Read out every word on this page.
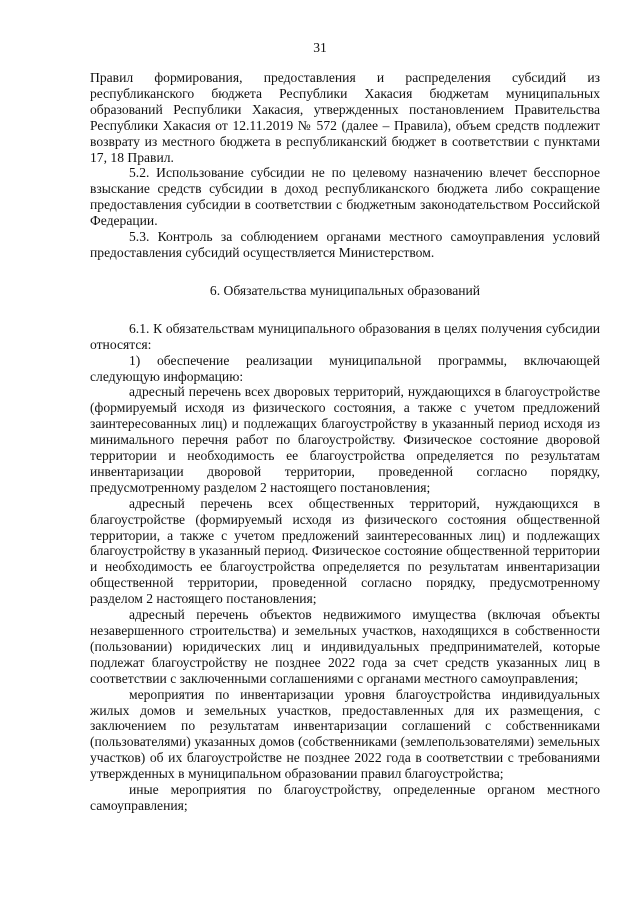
31

Правил формирования, предоставления и распределения субсидий из республиканского бюджета Республики Хакасия бюджетам муниципальных образований Республики Хакасия, утвержденных постановлением Правительства Республики Хакасия от 12.11.2019 № 572 (далее – Правила), объем средств подлежит возврату из местного бюджета в республиканский бюджет в соответствии с пунктами 17, 18 Правил.

5.2. Использование субсидии не по целевому назначению влечет бесспорное взыскание средств субсидии в доход республиканского бюджета либо сокращение предоставления субсидии в соответствии с бюджетным законодательством Российской Федерации.

5.3. Контроль за соблюдением органами местного самоуправления условий предоставления субсидий осуществляется Министерством.

6. Обязательства муниципальных образований

6.1. К обязательствам муниципального образования в целях получения субсидии относятся:

1) обеспечение реализации муниципальной программы, включающей следующую информацию:

адресный перечень всех дворовых территорий, нуждающихся в благоустройстве (формируемый исходя из физического состояния, а также с учетом предложений заинтересованных лиц) и подлежащих благоустройству в указанный период исходя из минимального перечня работ по благоустройству. Физическое состояние дворовой территории и необходимость ее благоустройства определяется по результатам инвентаризации дворовой территории, проведенной согласно порядку, предусмотренному разделом 2 настоящего постановления;

адресный перечень всех общественных территорий, нуждающихся в благоустройстве (формируемый исходя из физического состояния общественной территории, а также с учетом предложений заинтересованных лиц) и подлежащих благоустройству в указанный период. Физическое состояние общественной территории и необходимость ее благоустройства определяется по результатам инвентаризации общественной территории, проведенной согласно порядку, предусмотренному разделом 2 настоящего постановления;

адресный перечень объектов недвижимого имущества (включая объекты незавершенного строительства) и земельных участков, находящихся в собственности (пользовании) юридических лиц и индивидуальных предпринимателей, которые подлежат благоустройству не позднее 2022 года за счет средств указанных лиц в соответствии с заключенными соглашениями с органами местного самоуправления;

мероприятия по инвентаризации уровня благоустройства индивидуальных жилых домов и земельных участков, предоставленных для их размещения, с заключением по результатам инвентаризации соглашений с собственниками (пользователями) указанных домов (собственниками (землепользователями) земельных участков) об их благоустройстве не позднее 2022 года в соответствии с требованиями утвержденных в муниципальном образовании правил благоустройства;

иные мероприятия по благоустройству, определенные органом местного самоуправления;
